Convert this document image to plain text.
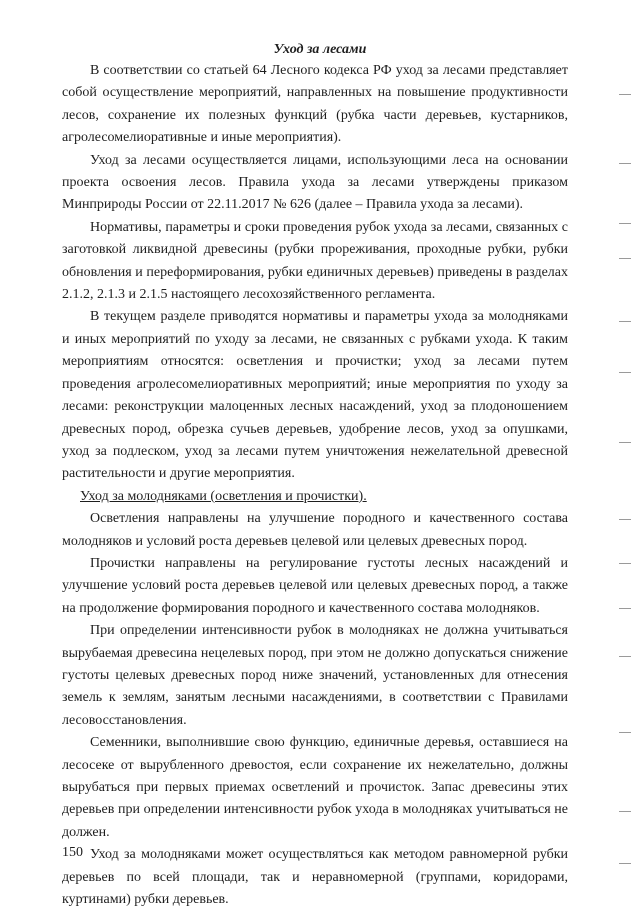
Уход за лесами

В соответствии со статьей 64 Лесного кодекса РФ уход за лесами представляет собой осуществление мероприятий, направленных на повышение продуктивности лесов, сохранение их полезных функций (рубка части деревьев, кустарников, агролесомелиоративные и иные мероприятия).

Уход за лесами осуществляется лицами, использующими леса на основании проекта освоения лесов. Правила ухода за лесами утверждены приказом Минприроды России от 22.11.2017 № 626 (далее – Правила ухода за лесами).

Нормативы, параметры и сроки проведения рубок ухода за лесами, связанных с заготовкой ликвидной древесины (рубки прореживания, проходные рубки, рубки обновления и переформирования, рубки единичных деревьев) приведены в разделах 2.1.2, 2.1.3 и 2.1.5 настоящего лесохозяйственного регламента.

В текущем разделе приводятся нормативы и параметры ухода за молодняками и иных мероприятий по уходу за лесами, не связанных с рубками ухода. К таким мероприятиям относятся: осветления и прочистки; уход за лесами путем проведения агролесомелиоративных мероприятий; иные мероприятия по уходу за лесами: реконструкции малоценных лесных насаждений, уход за плодоношением древесных пород, обрезка сучьев деревьев, удобрение лесов, уход за опушками, уход за подлеском, уход за лесами путем уничтожения нежелательной древесной растительности и другие мероприятия.

Уход за молодняками (осветления и прочистки).

Осветления направлены на улучшение породного и качественного состава молодняков и условий роста деревьев целевой или целевых древесных пород.

Прочистки направлены на регулирование густоты лесных насаждений и улучшение условий роста деревьев целевой или целевых древесных пород, а также на продолжение формирования породного и качественного состава молодняков.

При определении интенсивности рубок в молодняках не должна учитываться вырубаемая древесина нецелевых пород, при этом не должно допускаться снижение густоты целевых древесных пород ниже значений, установленных для отнесения земель к землям, занятым лесными насаждениями, в соответствии с Правилами лесовосстановления.

Семенники, выполнившие свою функцию, единичные деревья, оставшиеся на лесосеке от вырубленного древостоя, если сохранение их нежелательно, должны вырубаться при первых приемах осветлений и прочисток. Запас древесины этих деревьев при определении интенсивности рубок ухода в молодняках учитываться не должен.

Уход за молодняками может осуществляться как методом равномерной рубки деревьев по всей площади, так и неравномерной (группами, коридорами, куртинами) рубки деревьев.

150
